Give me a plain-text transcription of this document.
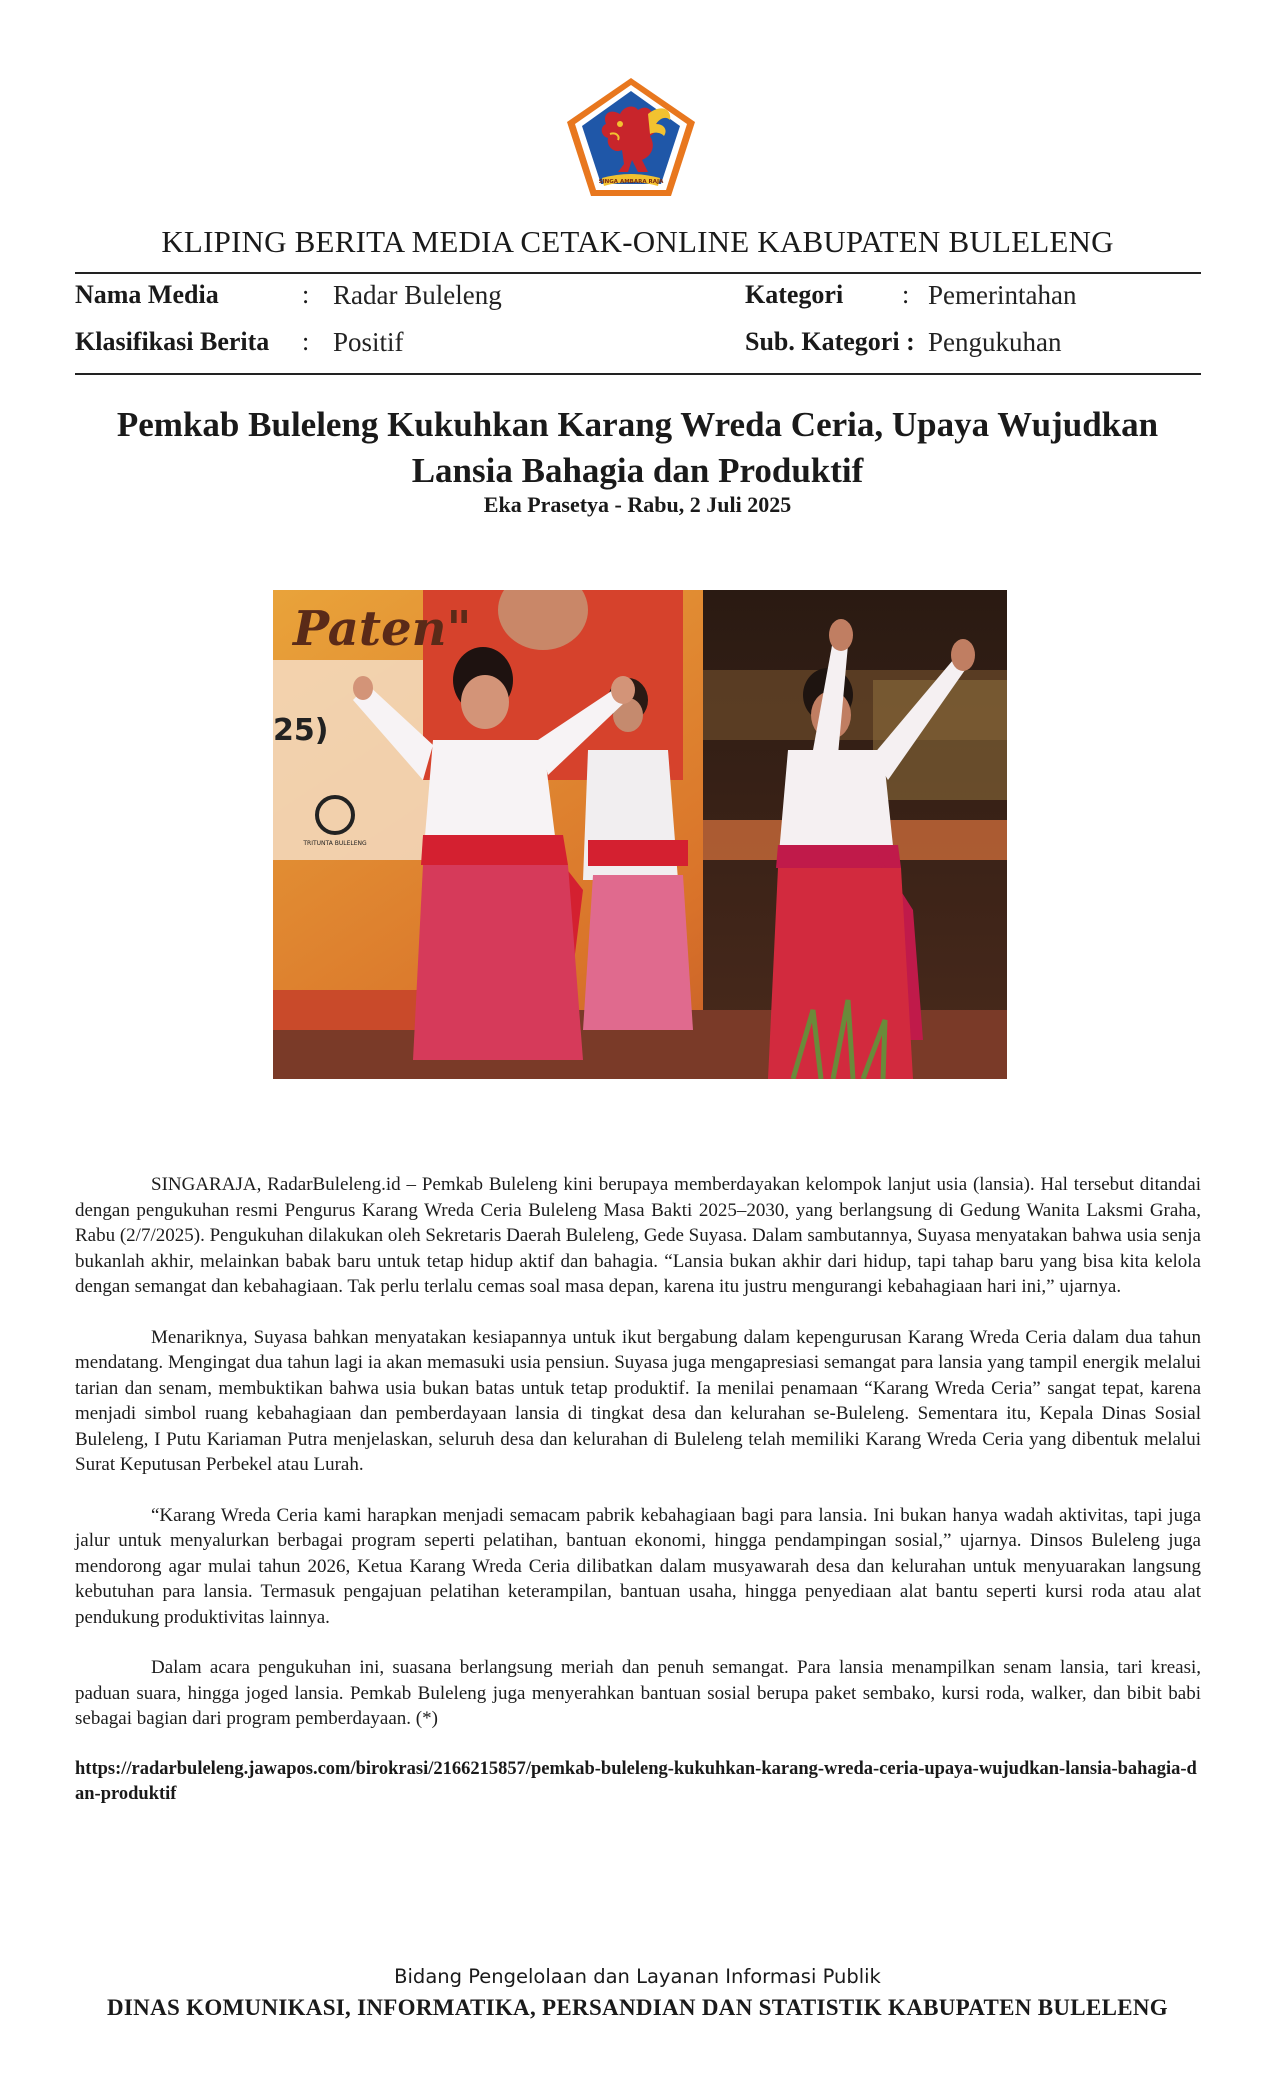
SINGA AMBARA RAJA
KLIPING BERITA MEDIA CETAK-ONLINE KABUPATEN BULELENG
Nama Media	: Radar Buleleng	Kategori : Pemerintahan
Klasifikasi Berita : Positif	Sub. Kategori : Pengukuhan
Pemkab Buleleng Kukuhkan Karang Wreda Ceria, Upaya Wujudkan Lansia Bahagia dan Produktif
Eka Prasetya - Rabu, 2 Juli 2025
Paten"
25)
TRITUNTA BULELENG

SINGARAJA, RadarBuleleng.id – Pemkab Buleleng kini berupaya memberdayakan kelompok lanjut usia (lansia). Hal tersebut ditandai dengan pengukuhan resmi Pengurus Karang Wreda Ceria Buleleng Masa Bakti 2025–2030, yang berlangsung di Gedung Wanita Laksmi Graha, Rabu (2/7/2025). Pengukuhan dilakukan oleh Sekretaris Daerah Buleleng, Gede Suyasa. Dalam sambutannya, Suyasa menyatakan bahwa usia senja bukanlah akhir, melainkan babak baru untuk tetap hidup aktif dan bahagia. “Lansia bukan akhir dari hidup, tapi tahap baru yang bisa kita kelola dengan semangat dan kebahagiaan. Tak perlu terlalu cemas soal masa depan, karena itu justru mengurangi kebahagiaan hari ini,” ujarnya.

Menariknya, Suyasa bahkan menyatakan kesiapannya untuk ikut bergabung dalam kepengurusan Karang Wreda Ceria dalam dua tahun mendatang. Mengingat dua tahun lagi ia akan memasuki usia pensiun. Suyasa juga mengapresiasi semangat para lansia yang tampil energik melalui tarian dan senam, membuktikan bahwa usia bukan batas untuk tetap produktif. Ia menilai penamaan “Karang Wreda Ceria” sangat tepat, karena menjadi simbol ruang kebahagiaan dan pemberdayaan lansia di tingkat desa dan kelurahan se-Buleleng. Sementara itu, Kepala Dinas Sosial Buleleng, I Putu Kariaman Putra menjelaskan, seluruh desa dan kelurahan di Buleleng telah memiliki Karang Wreda Ceria yang dibentuk melalui Surat Keputusan Perbekel atau Lurah.

“Karang Wreda Ceria kami harapkan menjadi semacam pabrik kebahagiaan bagi para lansia. Ini bukan hanya wadah aktivitas, tapi juga jalur untuk menyalurkan berbagai program seperti pelatihan, bantuan ekonomi, hingga pendampingan sosial,” ujarnya. Dinsos Buleleng juga mendorong agar mulai tahun 2026, Ketua Karang Wreda Ceria dilibatkan dalam musyawarah desa dan kelurahan untuk menyuarakan langsung kebutuhan para lansia. Termasuk pengajuan pelatihan keterampilan, bantuan usaha, hingga penyediaan alat bantu seperti kursi roda atau alat pendukung produktivitas lainnya.

Dalam acara pengukuhan ini, suasana berlangsung meriah dan penuh semangat. Para lansia menampilkan senam lansia, tari kreasi, paduan suara, hingga joged lansia. Pemkab Buleleng juga menyerahkan bantuan sosial berupa paket sembako, kursi roda, walker, dan bibit babi sebagai bagian dari program pemberdayaan. (*)

https://radarbuleleng.jawapos.com/birokrasi/2166215857/pemkab-buleleng-kukuhkan-karang-wreda-ceria-upaya-wujudkan-lansia-bahagia-dan-produktif
Bidang Pengelolaan dan Layanan Informasi Publik
DINAS KOMUNIKASI, INFORMATIKA, PERSANDIAN DAN STATISTIK KABUPATEN BULELENG
